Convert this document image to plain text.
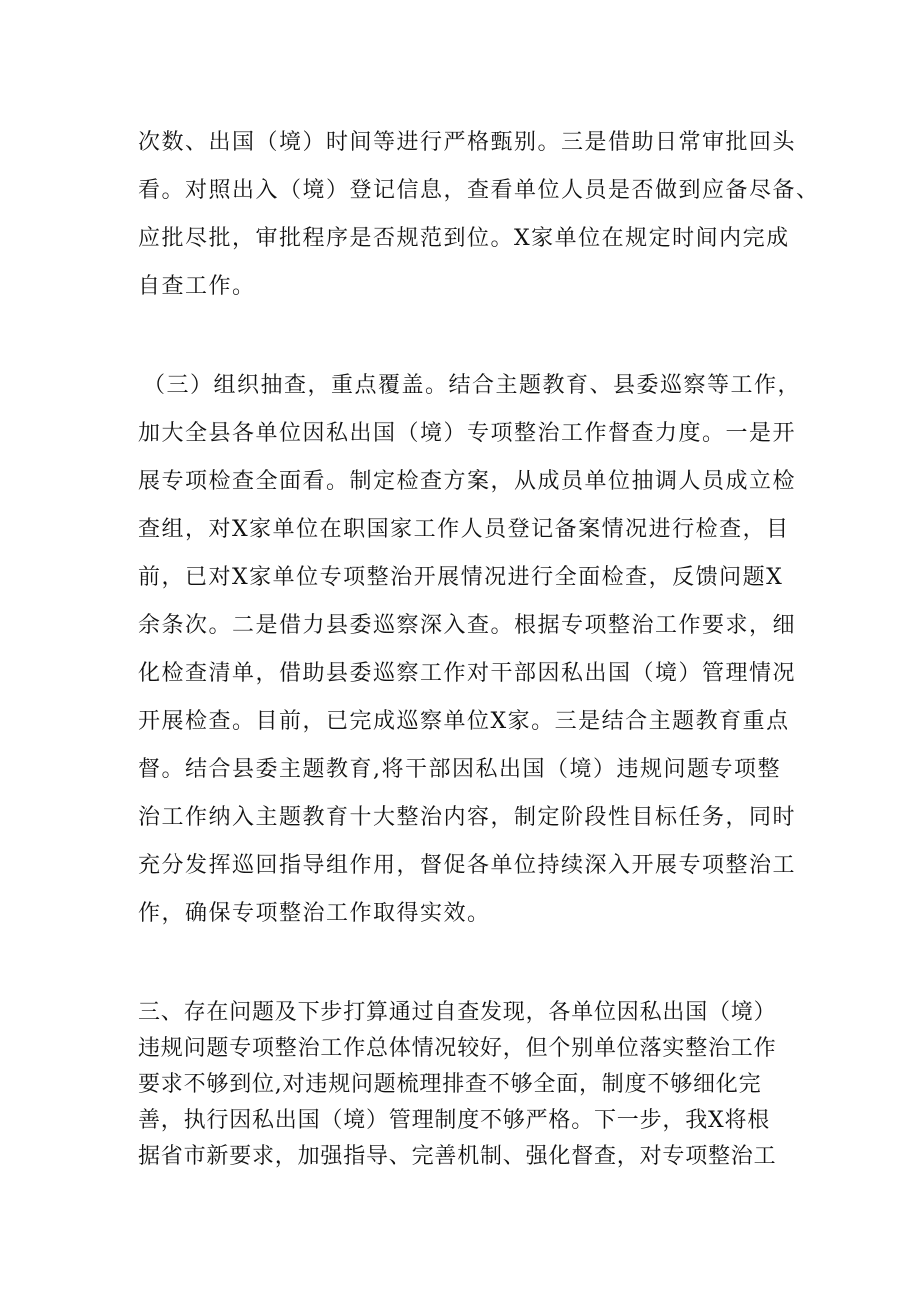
次数、出国（境）时间等进行严格甄别。三是借助日常审批回头
看。对照出入（境）登记信息，查看单位人员是否做到应备尽备、
应批尽批，审批程序是否规范到位。X家单位在规定时间内完成
自查工作。
（三）组织抽查，重点覆盖。结合主题教育、县委巡察等工作，
加大全县各单位因私出国（境）专项整治工作督查力度。一是开
展专项检查全面看。制定检查方案，从成员单位抽调人员成立检
查组，对X家单位在职国家工作人员登记备案情况进行检查，目
前，已对X家单位专项整治开展情况进行全面检查，反馈问题X
余条次。二是借力县委巡察深入查。根据专项整治工作要求，细
化检查清单，借助县委巡察工作对干部因私出国（境）管理情况
开展检查。目前，已完成巡察单位X家。三是结合主题教育重点
督。结合县委主题教育,将干部因私出国（境）违规问题专项整
治工作纳入主题教育十大整治内容，制定阶段性目标任务，同时
充分发挥巡回指导组作用，督促各单位持续深入开展专项整治工
作，确保专项整治工作取得实效。
三、存在问题及下步打算通过自查发现，各单位因私出国（境）
违规问题专项整治工作总体情况较好，但个别单位落实整治工作
要求不够到位,对违规问题梳理排查不够全面，制度不够细化完
善，执行因私出国（境）管理制度不够严格。下一步，我X将根
据省市新要求，加强指导、完善机制、强化督查，对专项整治工
